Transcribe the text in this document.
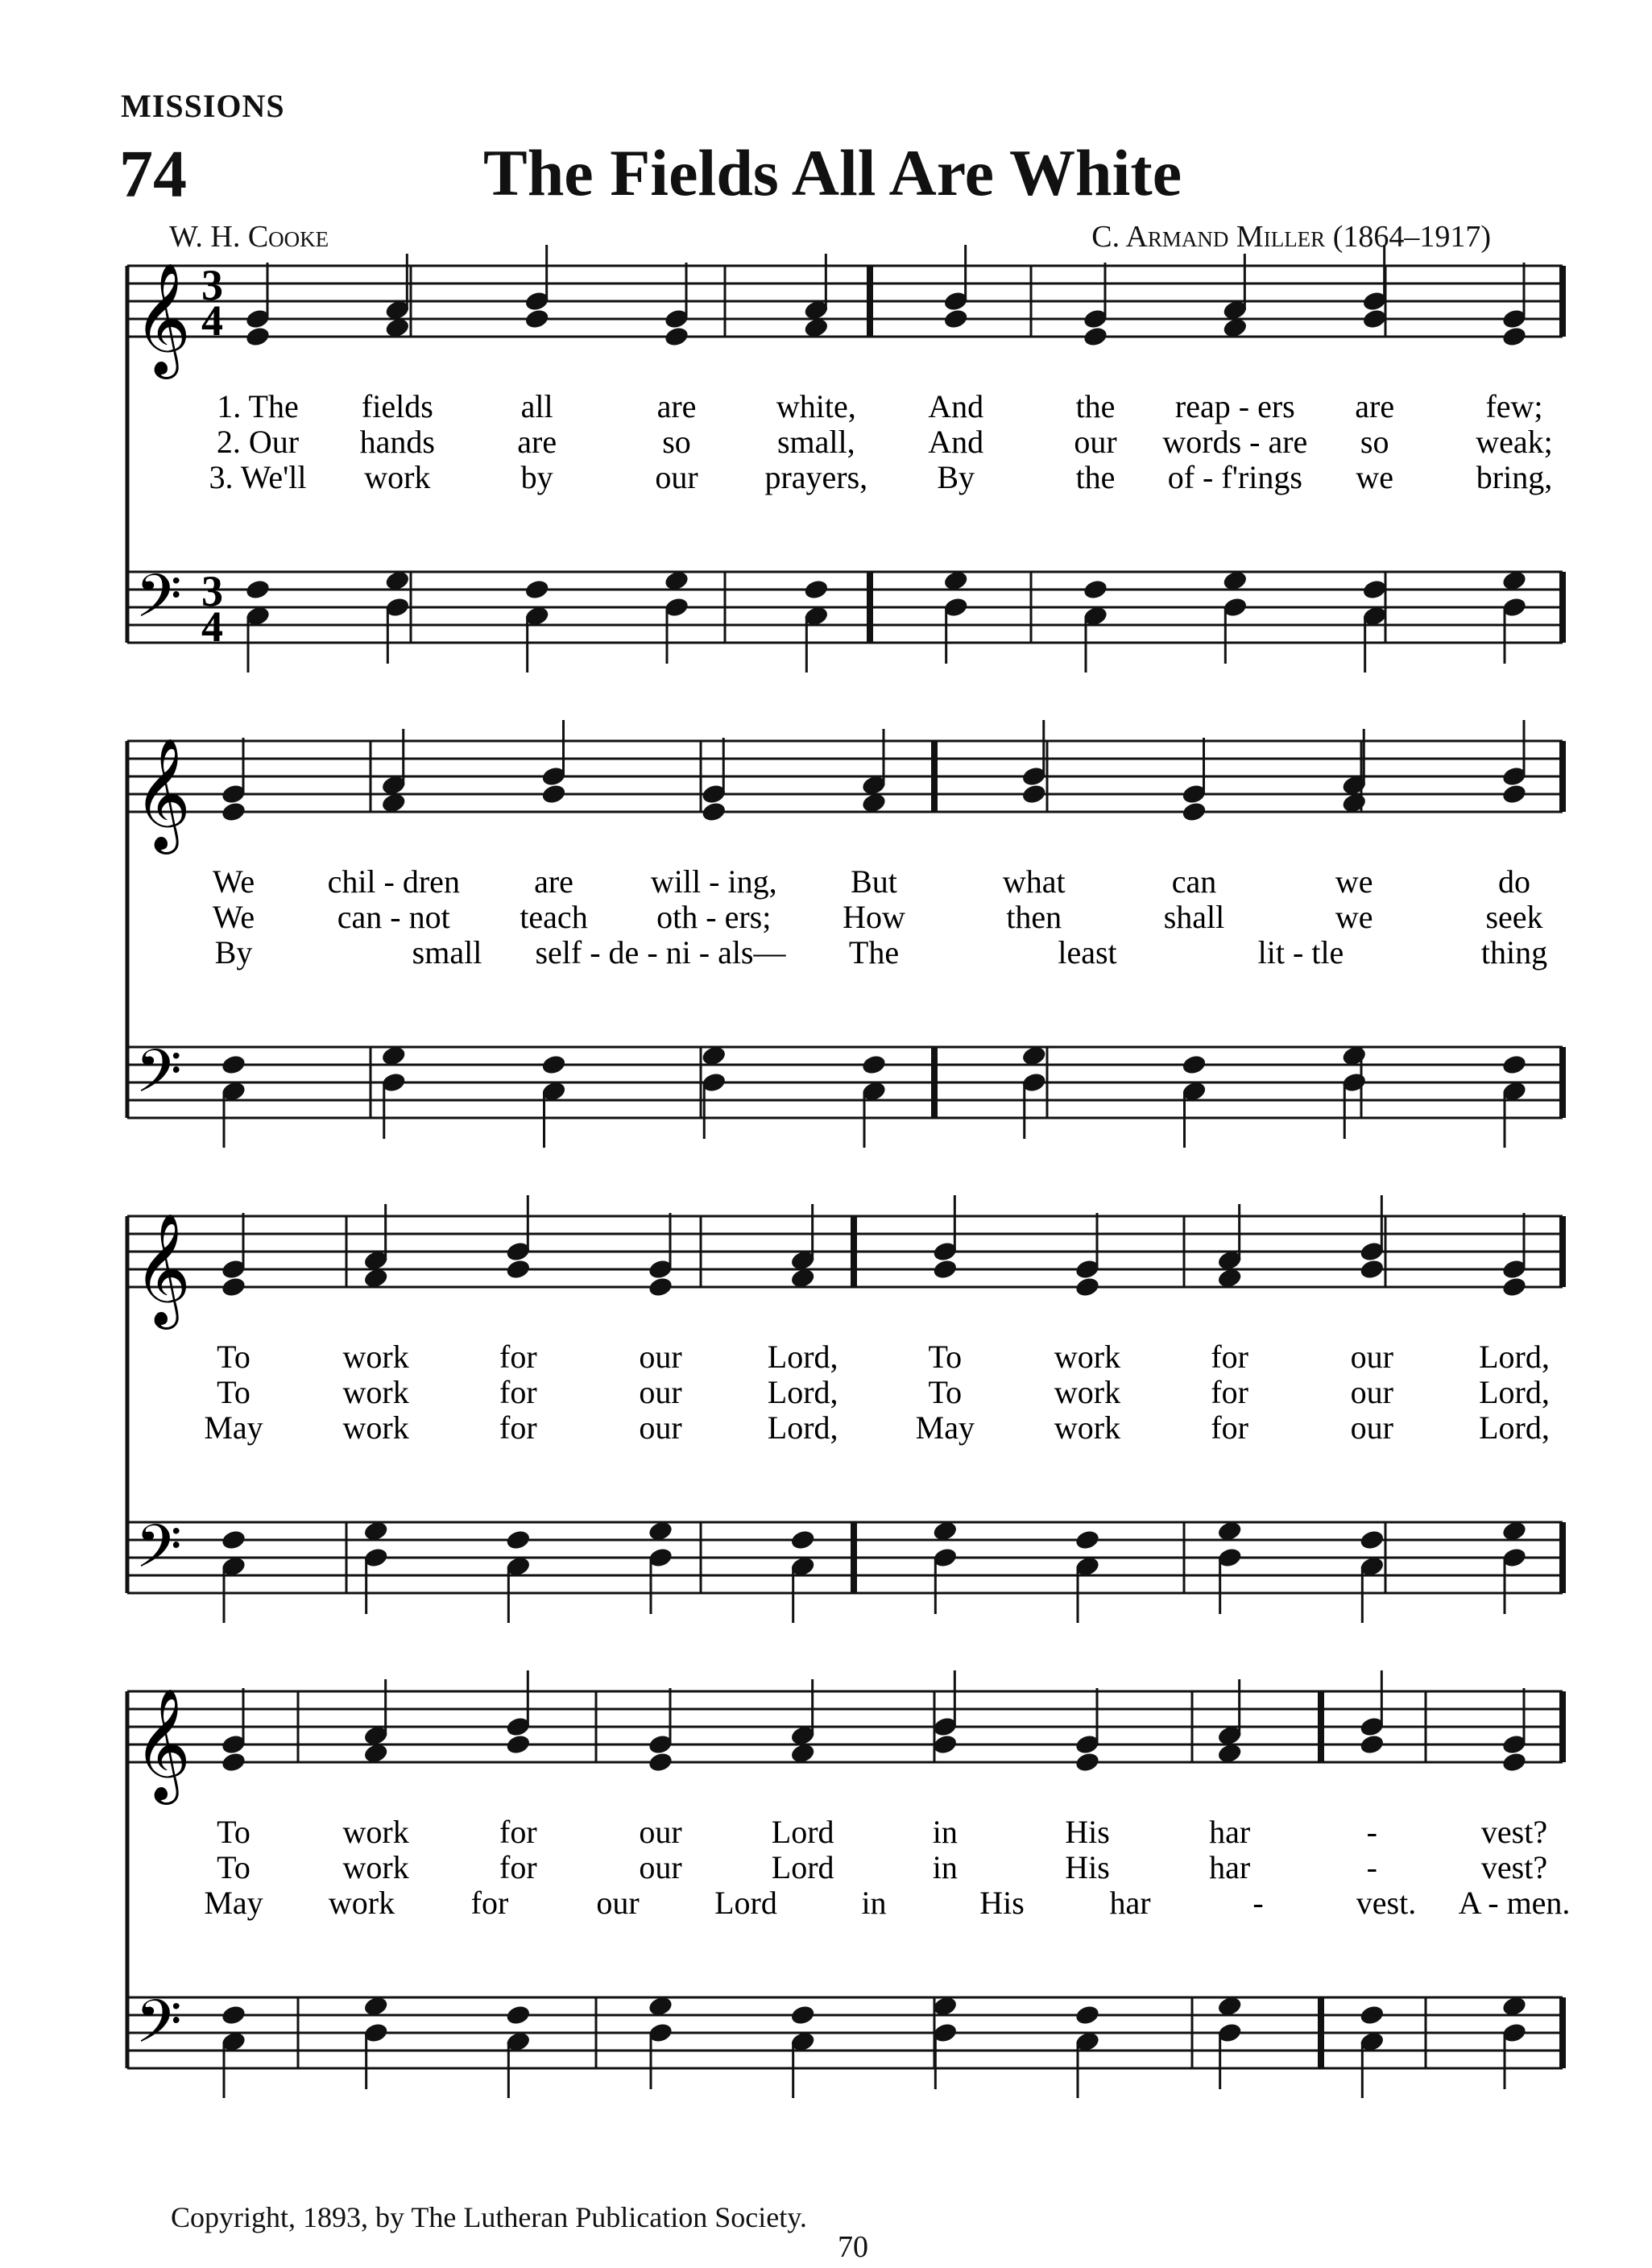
MISSIONS
74	The Fields All Are White
W. H. Cooke	C. Armand Miller (1864–1917)
𝄞
𝄢
3
4
3
4
1. The fields	all	are white, And	the reap - ers are	few;
2. Our hands	are	so	small, And	our words - are so	weak;
3. We'll work	by	our prayers, By	the of - f'rings we	bring,
𝄞
𝄢
We chil - dren are will - ing, But	what	can	we	do
We	can - not teach oth - ers; How	then	shall	we	seek
By	small self - de - ni - als— The	least	lit - tle	thing
𝄞
𝄢
To	work	for	our	Lord,	To	work	for	our	Lord,
To	work	for	our	Lord,	To	work	for	our	Lord,
May work	for	our	Lord, May work	for	our	Lord,
𝄞
𝄢
To	work	for	our	Lord	in	His	har	-	vest?
To	work	for	our	Lord	in	His	har	-	vest?
May work for	our Lord	in	His	har	-	vest. A - men.
Copyright, 1893, by The Lutheran Publication Society.
70
